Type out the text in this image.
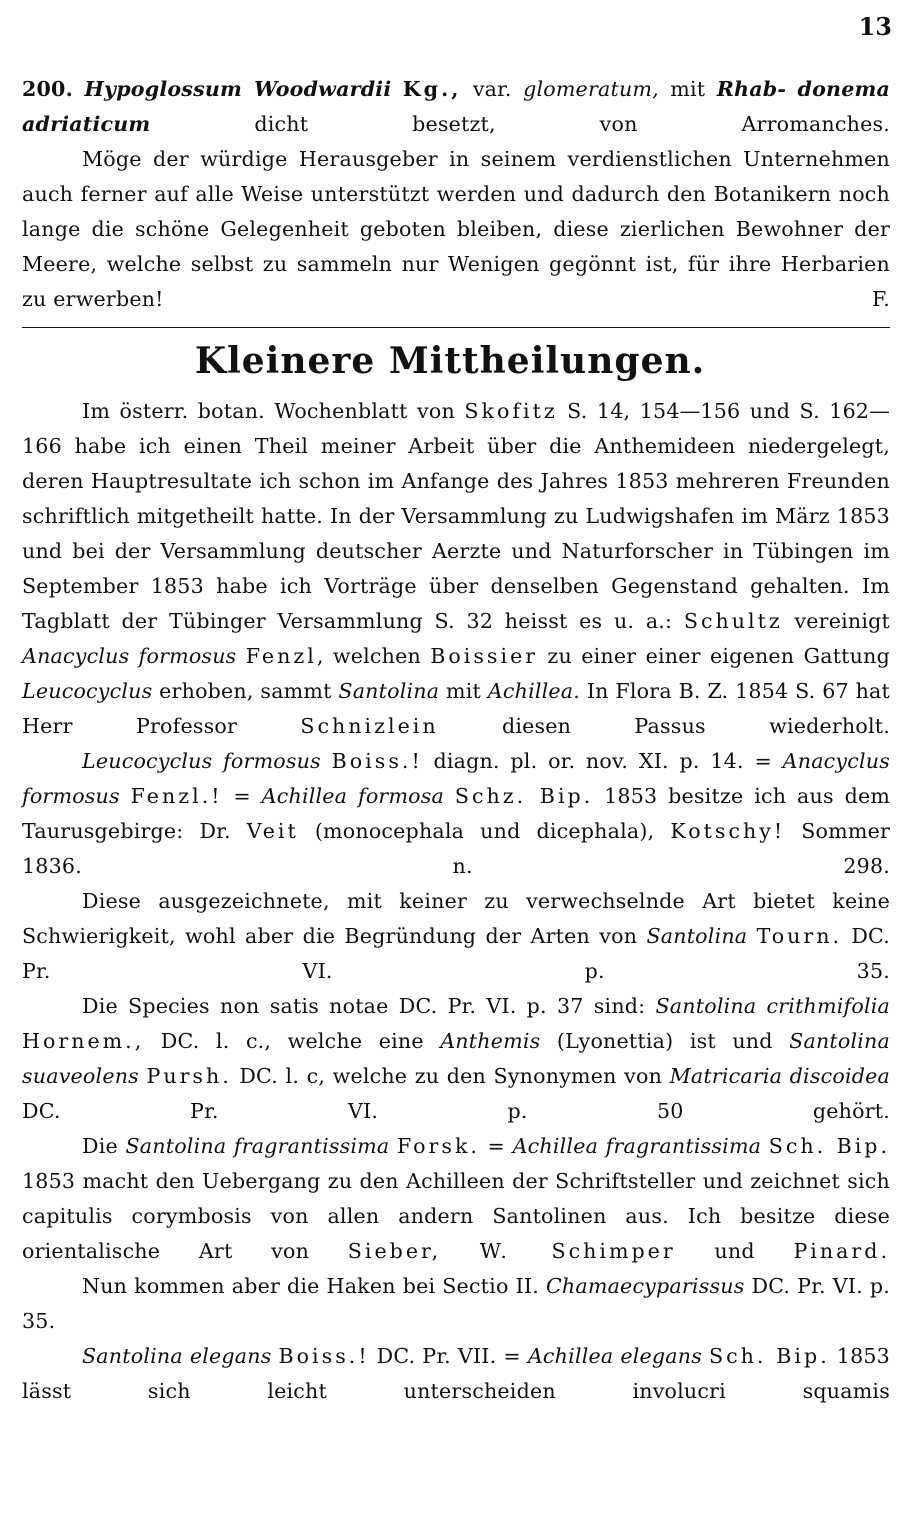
13

200. Hypoglossum Woodwardii Kg., var. glomeratum, mit Rhab- donema adriaticum	dicht besetzt, von Arromanches.

Möge der würdige Herausgeber in seinem verdienstlichen Unternehmen auch ferner auf alle Weise unterstützt werden und dadurch den Botanikern noch lange die schöne Gelegenheit geboten bleiben, diese zierlichen Bewohner der Meere, welche selbst zu sammeln nur Wenigen gegönnt ist, für ihre Herbarien zu erwerben!	F.

Kleinere Mittheilungen.

Im österr. botan. Wochenblatt von Skofitz S. 14, 154—156 und S. 162—166 habe ich einen Theil meiner Arbeit über die Anthemideen niedergelegt, deren Hauptresultate ich schon im Anfange des Jahres 1853 mehreren Freunden schriftlich mitgetheilt hatte. In der Versammlung zu Ludwigshafen im März 1853 und bei der Versammlung deutscher Aerzte und Naturforscher in Tübingen im September 1853 habe ich Vorträge über denselben Gegenstand gehalten. Im Tagblatt der Tübinger Versammlung S. 32 heisst es u. a.: Schultz vereinigt Anacyclus formosus Fenzl, welchen Boissier zu einer einer eigenen Gattung Leucocyclus erhoben, sammt Santolina mit Achillea. In Flora B. Z. 1854 S. 67 hat Herr Professor	Schnizlein	diesen Passus wiederholt.

Leucocyclus formosus Boiss.! diagn. pl. or. nov. XI. p. 14. = Anacyclus formosus Fenzl.! = Achillea formosa Schz. Bip. 1853 besitze ich aus dem Taurusgebirge: Dr. Veit (monocephala und dicephala), Kotschy! Sommer 1836. n. 298.

Diese ausgezeichnete, mit keiner zu verwechselnde Art bietet keine Schwierigkeit, wohl aber die Begründung der Arten von Santolina Tourn. DC. Pr. VI. p. 35.

Die Species non satis notae DC. Pr. VI. p. 37 sind: Santolina crithmifolia Hornem., DC. l. c., welche eine Anthemis (Lyonettia) ist und Santolina suaveolens Pursh. DC. l. c, welche zu den Synonymen von Matricaria discoidea DC. Pr. VI. p. 50 gehört.

Die Santolina fragrantissima Forsk. = Achillea fragrantissima Sch. Bip. 1853 macht den Uebergang zu den Achilleen der Schriftsteller und zeichnet sich capitulis corymbosis von allen andern Santolinen aus. Ich besitze diese orientalische Art von Sieber, W. Schimper und Pinard.

Nun kommen aber die Haken bei Sectio II. Chamaecyparissus DC. Pr. VI. p. 35.

Santolina elegans Boiss.! DC. Pr. VII. = Achillea elegans Sch. Bip. 1853 lässt sich leicht unterscheiden involucri squamis
